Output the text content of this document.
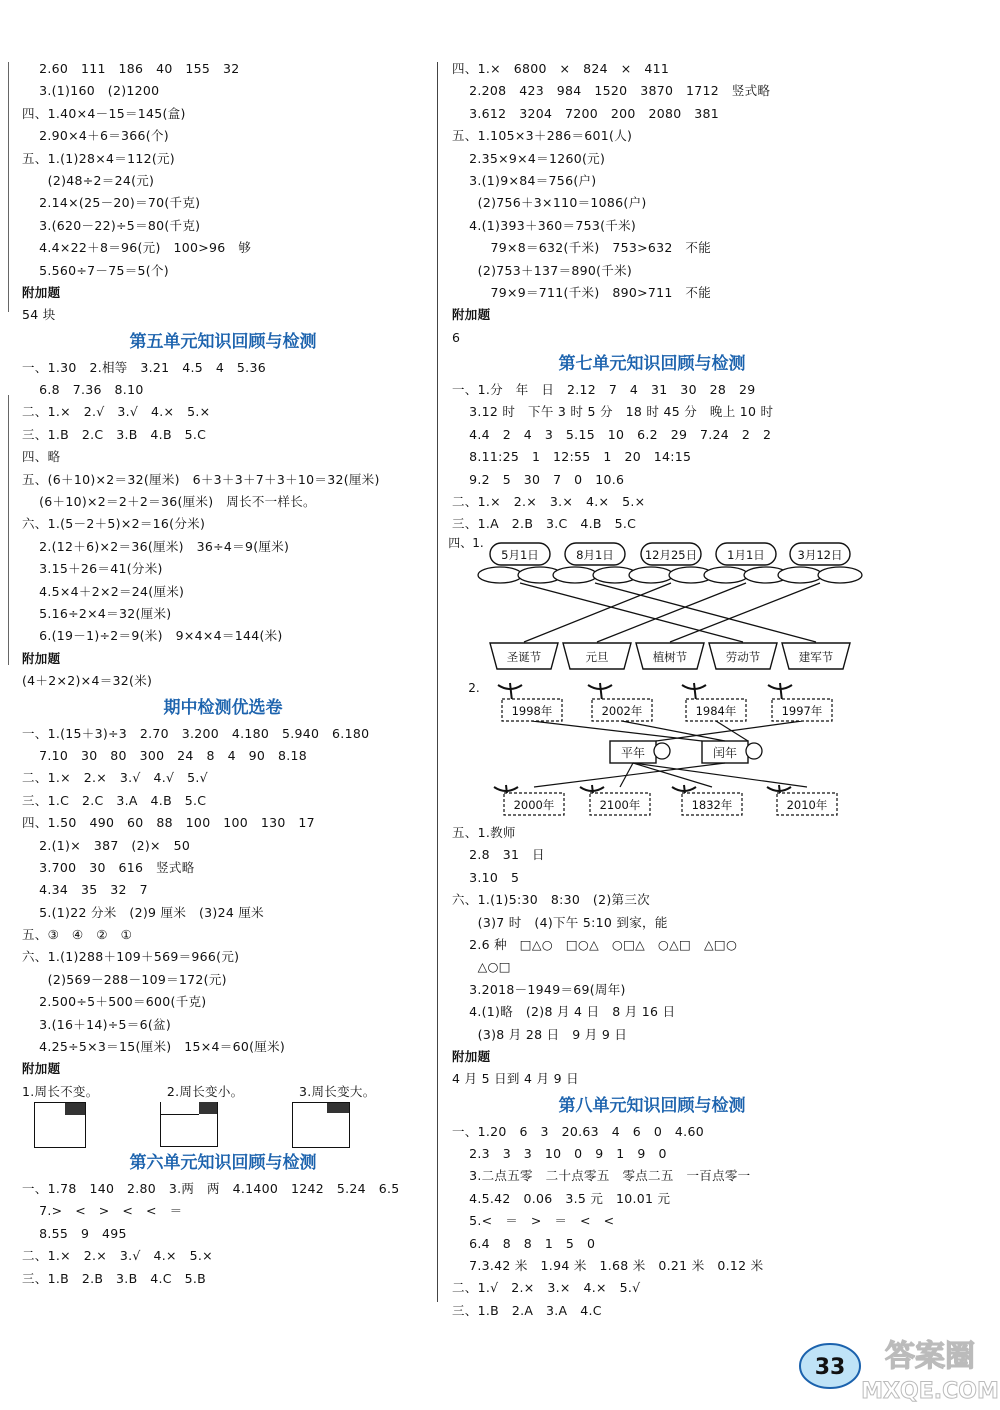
2.60   111   186   40   155   32
3.(1)160   (2)1200
四、1.40×4－15＝145(盒)
2.90×4＋6＝366(个)
五、1.(1)28×4＝112(元)
(2)48÷2＝24(元)
2.14×(25－20)＝70(千克)
3.(620－22)÷5＝80(千克)
4.4×22＋8＝96(元)   100>96   够
5.560÷7－75＝5(个)
附加题
54 块
第五单元知识回顾与检测
一、1.30   2.相等   3.21   4.5   4   5.36
6.8   7.36   8.10
二、1.×   2.√   3.√   4.×   5.×
三、1.B   2.C   3.B   4.B   5.C
四、略
五、(6＋10)×2＝32(厘米)   6＋3＋3＋7＋3＋10＝32(厘米)
(6＋10)×2＝2＋2＝36(厘米)   周长不一样长。
六、1.(5－2＋5)×2＝16(分米)
2.(12＋6)×2＝36(厘米)   36÷4＝9(厘米)
3.15＋26＝41(分米)
4.5×4＋2×2＝24(厘米)
5.16÷2×4＝32(厘米)
6.(19－1)÷2＝9(米)   9×4×4＝144(米)
附加题
(4＋2×2)×4＝32(米)
期中检测优选卷
一、1.(15＋3)÷3   2.70   3.200   4.180   5.940   6.180
7.10   30   80   300   24   8   4   90   8.18
二、1.×   2.×   3.√   4.√   5.√
三、1.C   2.C   3.A   4.B   5.C
四、1.50   490   60   88   100   100   130   17
2.(1)×   387   (2)×   50
3.700   30   616   竖式略
4.34   35   32   7
5.(1)22 分米   (2)9 厘米   (3)24 厘米
五、③   ④   ②   ①
六、1.(1)288＋109＋569＝966(元)
(2)569－288－109＝172(元)
2.500÷5＋500＝600(千克)
3.(16＋14)÷5＝6(盆)
4.25÷5×3＝15(厘米)   15×4＝60(厘米)
附加题
1.周长不变。                2.周长变小。             3.周长变大。

第六单元知识回顾与检测
一、1.78   140   2.80   3.两   两   4.1400   1242   5.24   6.5
7.>   <   >   <   <   ＝
8.55   9   495
二、1.×   2.×   3.√   4.×   5.×
三、1.B   2.B   3.B   4.C   5.B
四、1.×   6800   ×   824   ×   411
2.208   423   984   1520   3870   1712   竖式略
3.612   3204   7200   200   2080   381
五、1.105×3＋286＝601(人)
2.35×9×4＝1260(元)
3.(1)9×84＝756(户)
(2)756＋3×110＝1086(户)
4.(1)393＋360＝753(千米)
79×8＝632(千米)   753>632   不能
(2)753＋137＝890(千米)
79×9＝711(千米)   890>711   不能
附加题
6
第七单元知识回顾与检测
一、1.分   年   日   2.12   7   4   31   30   28   29
3.12 时   下午 3 时 5 分   18 时 45 分   晚上 10 时
4.4   2   4   3   5.15   10   6.2   29   7.24   2   2
8.11:25   1   12:55   1   20   14:15
9.2   5   30   7   0   10.6
二、1.×   2.×   3.×   4.×   5.×
三、1.A   2.B   3.C   4.B   5.C
五、1.教师
2.8   31   日
3.10   5
六、1.(1)5:30   8:30   (2)第三次
(3)7 时   (4)下午 5:10 到家，能
2.6 种   □△○   □○△   ○□△   ○△□   △□○
△○□
3.2018－1949＝69(周年)
4.(1)略   (2)8 月 4 日   8 月 16 日
(3)8 月 28 日   9 月 9 日
附加题
4 月 5 日到 4 月 9 日
第八单元知识回顾与检测
一、1.20   6   3   20.63   4   6   0   4.60
2.3   3   3   10   0   9   1   9   0
3.二点五零   二十点零五   零点二五   一百点零一
4.5.42   0.06   3.5 元   10.01 元
5.<   ＝   >   ＝   <   <
6.4   8   8   1   5   0
7.3.42 米   1.94 米   1.68 米   0.21 米   0.12 米
二、1.√   2.×   3.×   4.×   5.√
三、1.B   2.A   3.A   4.C
四、1.
2.
5月1日	8月1日	12月25日	1月1日	3月12日
圣诞节	元旦	植树节	劳动节	建军节
平年	闰年
1998年	2002年	1984年	1997年
2000年	2100年	1832年	2010年
33 答案圈
MXQE.COM
